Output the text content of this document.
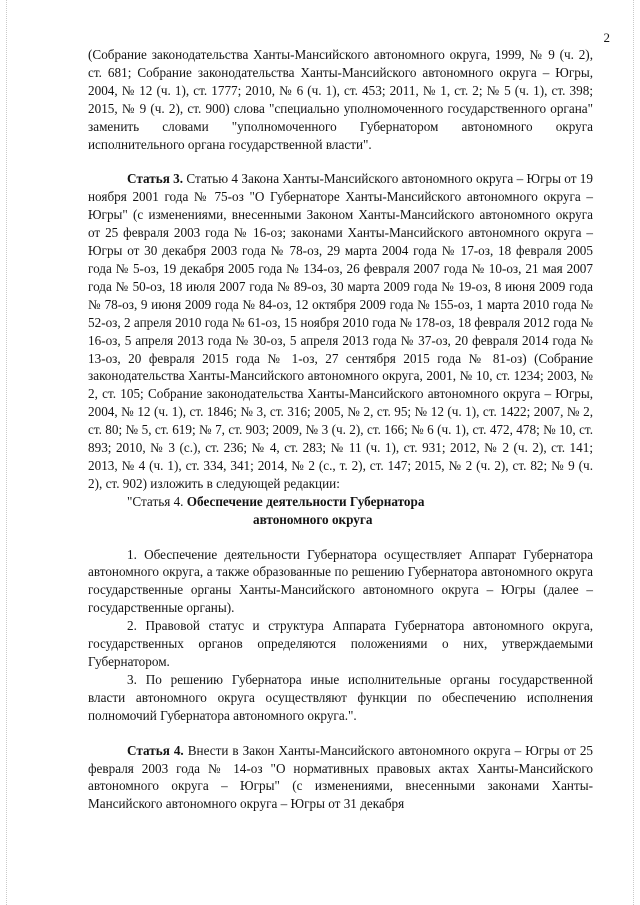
2

(Собрание законодательства Ханты-Мансийского автономного округа, 1999, № 9 (ч. 2), ст. 681; Собрание законодательства Ханты-Мансийского автономного округа – Югры, 2004, № 12 (ч. 1), ст. 1777; 2010, № 6 (ч. 1), ст. 453; 2011, № 1, ст. 2; № 5 (ч. 1), ст. 398; 2015, № 9 (ч. 2), ст. 900) слова "специально уполномоченного государственного органа" заменить словами "уполномоченного Губернатором автономного округа исполнительного органа государственной власти".

Статья 3. Статью 4 Закона Ханты-Мансийского автономного округа – Югры от 19 ноября 2001 года № 75-оз "О Губернаторе Ханты-Мансийского автономного округа – Югры" (с изменениями, внесенными Законом Ханты-Мансийского автономного округа от 25 февраля 2003 года № 16-оз; законами Ханты-Мансийского автономного округа – Югры от 30 декабря 2003 года № 78-оз, 29 марта 2004 года № 17-оз, 18 февраля 2005 года № 5-оз, 19 декабря 2005 года № 134-оз, 26 февраля 2007 года № 10-оз, 21 мая 2007 года № 50-оз, 18 июля 2007 года № 89-оз, 30 марта 2009 года № 19-оз, 8 июня 2009 года № 78-оз, 9 июня 2009 года № 84-оз, 12 октября 2009 года № 155-оз, 1 марта 2010 года № 52-оз, 2 апреля 2010 года № 61-оз, 15 ноября 2010 года № 178-оз, 18 февраля 2012 года № 16-оз, 5 апреля 2013 года № 30-оз, 5 апреля 2013 года № 37-оз, 20 февраля 2014 года № 13-оз, 20 февраля 2015 года № 1-оз, 27 сентября 2015 года № 81-оз) (Собрание законодательства Ханты-Мансийского автономного округа, 2001, № 10, ст. 1234; 2003, № 2, ст. 105; Собрание законодательства Ханты-Мансийского автономного округа – Югры, 2004, № 12 (ч. 1), ст. 1846; № 3, ст. 316; 2005, № 2, ст. 95; № 12 (ч. 1), ст. 1422; 2007, № 2, ст. 80; № 5, ст. 619; № 7, ст. 903; 2009, № 3 (ч. 2), ст. 166; № 6 (ч. 1), ст. 472, 478; № 10, ст. 893; 2010, № 3 (с.), ст. 236; № 4, ст. 283; № 11 (ч. 1), ст. 931; 2012, № 2 (ч. 2), ст. 141; 2013, № 4 (ч. 1), ст. 334, 341; 2014, № 2 (с., т. 2), ст. 147; 2015, № 2 (ч. 2), ст. 82; № 9 (ч. 2), ст. 902) изложить в следующей редакции:

"Статья 4. Обеспечение деятельности Губернатора
автономного округа

1. Обеспечение деятельности Губернатора осуществляет Аппарат Губернатора автономного округа, а также образованные по решению Губернатора автономного округа государственные органы Ханты-Мансийского автономного округа – Югры (далее – государственные органы).

2. Правовой статус и структура Аппарата Губернатора автономного округа, государственных органов определяются положениями о них, утверждаемыми Губернатором.

3. По решению Губернатора иные исполнительные органы государственной власти автономного округа осуществляют функции по обеспечению исполнения полномочий Губернатора автономного округа.".

Статья 4. Внести в Закон Ханты-Мансийского автономного округа – Югры от 25 февраля 2003 года № 14-оз "О нормативных правовых актах Ханты-Мансийского автономного округа – Югры" (с изменениями, внесенными законами Ханты-Мансийского автономного округа – Югры от 31 декабря
